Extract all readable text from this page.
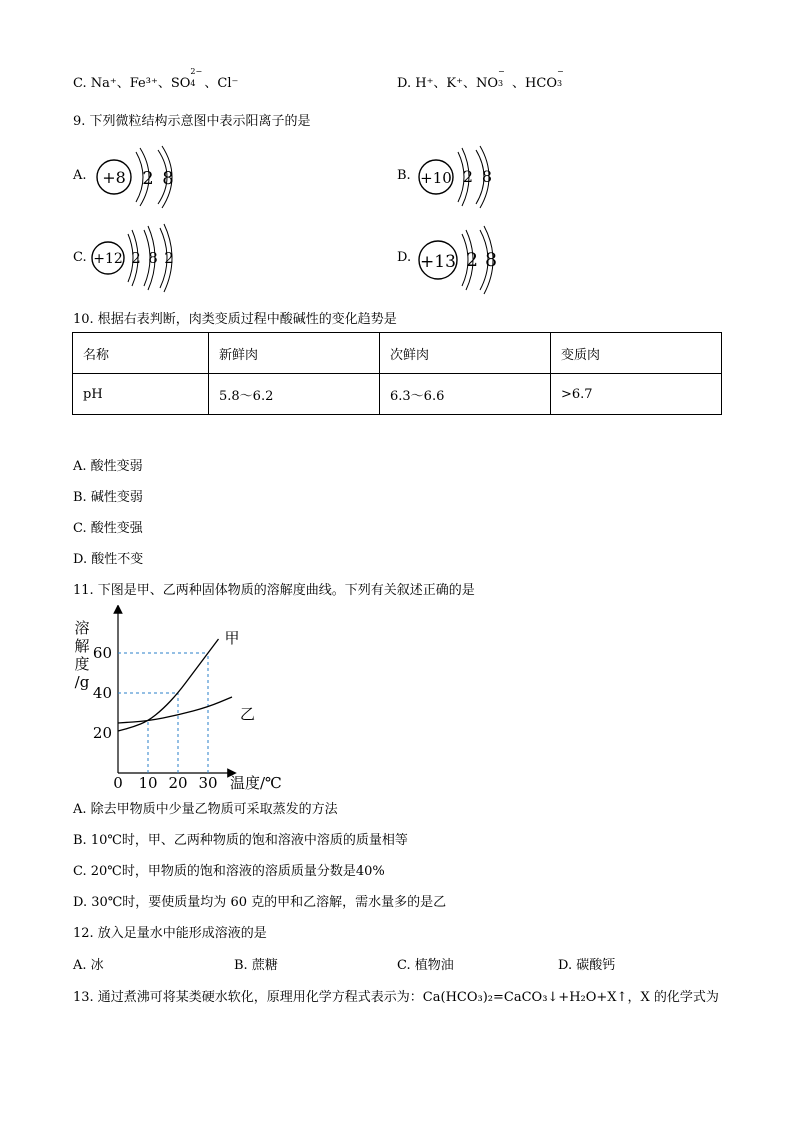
C. Na⁺、Fe³⁺、SO
2−
4 、Cl⁻	D. H⁺、K⁺、NO
−
3 、HCO
−
3
9. 下列微粒结构示意图中表示阳离子的是
A. +8 2 8	B. +10 2 8
C. +12 2 8 2	D. +13 2 8
10. 根据右表判断，肉类变质过程中酸碱性的变化趋势是
名称	新鲜肉	次鲜肉	变质肉
pH	5.8～6.2	6.3～6.6	>6.7
A. 酸性变弱
B. 碱性变弱
C. 酸性变强
D. 酸性不变
11. 下图是甲、乙两种固体物质的溶解度曲线。下列有关叙述正确的是
溶
解
度
/g
温度/℃
0 10 20 30
20
40
60
甲
乙
A. 除去甲物质中少量乙物质可采取蒸发的方法
B. 10℃时，甲、乙两种物质的饱和溶液中溶质的质量相等
C. 20℃时，甲物质的饱和溶液的溶质质量分数是40%
D. 30℃时，要使质量均为 60 克的甲和乙溶解，需水量多的是乙
12. 放入足量水中能形成溶液的是
A. 冰	B. 蔗糖	C. 植物油	D. 碳酸钙
13. 通过煮沸可将某类硬水软化，原理用化学方程式表示为：Ca(HCO₃)₂=CaCO₃↓+H₂O+X↑，X 的化学式为
